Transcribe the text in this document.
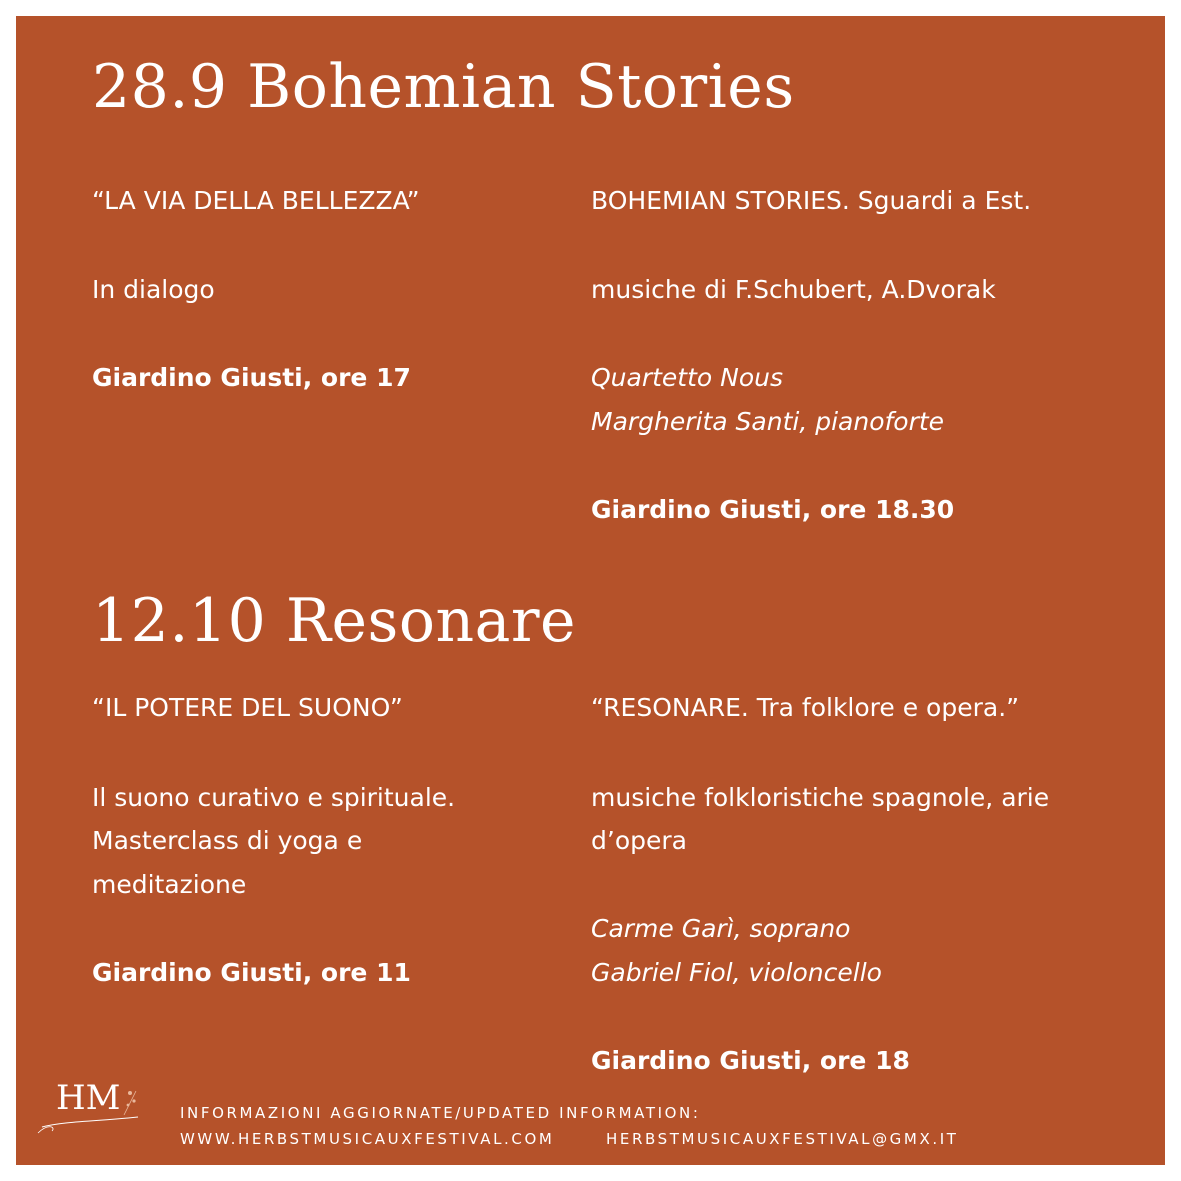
28.9 Bohemian Stories
“LA VIA DELLA BELLEZZA”
In dialogo
Giardino Giusti, ore 17
BOHEMIAN STORIES. Sguardi a Est.
musiche di F.Schubert, A.Dvorak
Quartetto Nous
Margherita Santi, pianoforte
Giardino Giusti, ore 18.30
12.10 Resonare
“IL POTERE DEL SUONO”
Il suono curativo e spirituale.
Masterclass di yoga e
meditazione
Giardino Giusti, ore 11
“RESONARE. Tra folklore e opera.”
musiche folkloristiche spagnole, arie
d’opera
Carme Garì, soprano
Gabriel Fiol, violoncello
Giardino Giusti, ore 18
HM	INFORMAZIONI AGGIORNATE/UPDATED INFORMATION:
WWW.HERBSTMUSICAUXFESTIVAL.COM	HERBSTMUSICAUXFESTIVAL@GMX.IT
